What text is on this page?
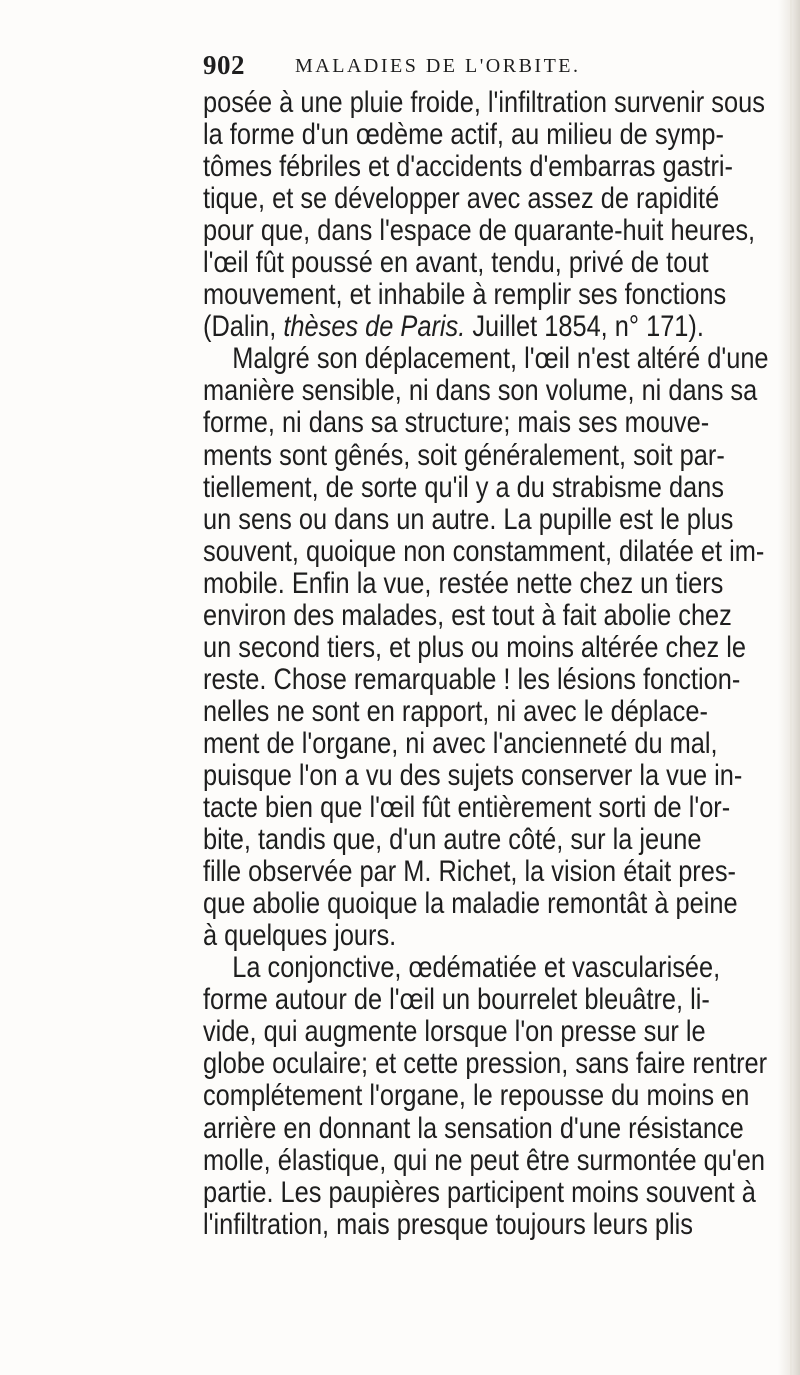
902	MALADIES DE L'ORBITE.
posée à une pluie froide, l'infiltration survenir sous
la forme d'un œdème actif, au milieu de symp-
tômes fébriles et d'accidents d'embarras gastri-
tique, et se développer avec assez de rapidité
pour que, dans l'espace de quarante-huit heures,
l'œil fût poussé en avant, tendu, privé de tout
mouvement, et inhabile à remplir ses fonctions
(Dalin, thèses de Paris. Juillet 1854, n° 171).
Malgré son déplacement, l'œil n'est altéré d'une
manière sensible, ni dans son volume, ni dans sa
forme, ni dans sa structure; mais ses mouve-
ments sont gênés, soit généralement, soit par-
tiellement, de sorte qu'il y a du strabisme dans
un sens ou dans un autre. La pupille est le plus
souvent, quoique non constamment, dilatée et im-
mobile. Enfin la vue, restée nette chez un tiers
environ des malades, est tout à fait abolie chez
un second tiers, et plus ou moins altérée chez le
reste. Chose remarquable ! les lésions fonction-
nelles ne sont en rapport, ni avec le déplace-
ment de l'organe, ni avec l'ancienneté du mal,
puisque l'on a vu des sujets conserver la vue in-
tacte bien que l'œil fût entièrement sorti de l'or-
bite, tandis que, d'un autre côté, sur la jeune
fille observée par M. Richet, la vision était pres-
que abolie quoique la maladie remontât à peine
à quelques jours.
La conjonctive, œdématiée et vascularisée,
forme autour de l'œil un bourrelet bleuâtre, li-
vide, qui augmente lorsque l'on presse sur le
globe oculaire; et cette pression, sans faire rentrer
complétement l'organe, le repousse du moins en
arrière en donnant la sensation d'une résistance
molle, élastique, qui ne peut être surmontée qu'en
partie. Les paupières participent moins souvent à
l'infiltration, mais presque toujours leurs plis
